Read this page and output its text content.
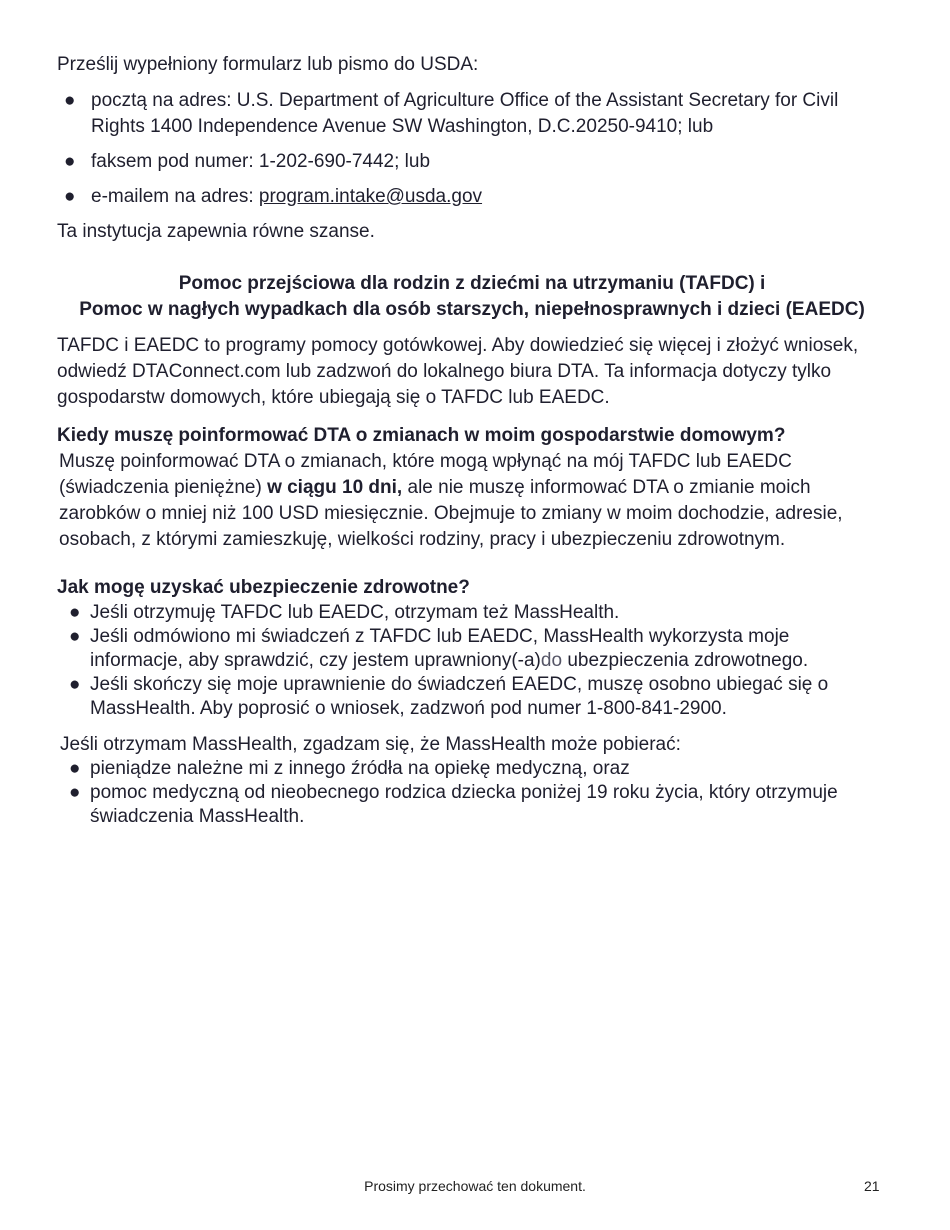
Prześlij wypełniony formularz lub pismo do USDA:

● pocztą na adres: U.S. Department of Agriculture Office of the Assistant Secretary for Civil Rights 1400 Independence Avenue SW Washington, D.C.20250-9410; lub
● faksem pod numer: 1-202-690-7442; lub
● e-mailem na adres: program.intake@usda.gov

Ta instytucja zapewnia równe szanse.

Pomoc przejściowa dla rodzin z dziećmi na utrzymaniu (TAFDC) i
Pomoc w nagłych wypadkach dla osób starszych, niepełnosprawnych i dzieci (EAEDC)

TAFDC i EAEDC to programy pomocy gotówkowej. Aby dowiedzieć się więcej i złożyć wniosek, odwiedź DTAConnect.com lub zadzwoń do lokalnego biura DTA. Ta informacja dotyczy tylko gospodarstw domowych, które ubiegają się o TAFDC lub EAEDC.

Kiedy muszę poinformować DTA o zmianach w moim gospodarstwie domowym?

Muszę poinformować DTA o zmianach, które mogą wpłynąć na mój TAFDC lub EAEDC (świadczenia pieniężne) w ciągu 10 dni, ale nie muszę informować DTA o zmianie moich zarobków o mniej niż 100 USD miesięcznie. Obejmuje to zmiany w moim dochodzie, adresie, osobach, z którymi zamieszkuję, wielkości rodziny, pracy i ubezpieczeniu zdrowotnym.

Jak mogę uzyskać ubezpieczenie zdrowotne?
● Jeśli otrzymuję TAFDC lub EAEDC, otrzymam też MassHealth.
● Jeśli odmówiono mi świadczeń z TAFDC lub EAEDC, MassHealth wykorzysta moje informacje, aby sprawdzić, czy jestem uprawniony(-a)do ubezpieczenia zdrowotnego.
● Jeśli skończy się moje uprawnienie do świadczeń EAEDC, muszę osobno ubiegać się o MassHealth. Aby poprosić o wniosek, zadzwoń pod numer 1-800-841-2900.

Jeśli otrzymam MassHealth, zgadzam się, że MassHealth może pobierać:

● pieniądze należne mi z innego źródła na opiekę medyczną, oraz
● pomoc medyczną od nieobecnego rodzica dziecka poniżej 19 roku życia, który otrzymuje świadczenia MassHealth.
Prosimy przechować ten dokument.	21
